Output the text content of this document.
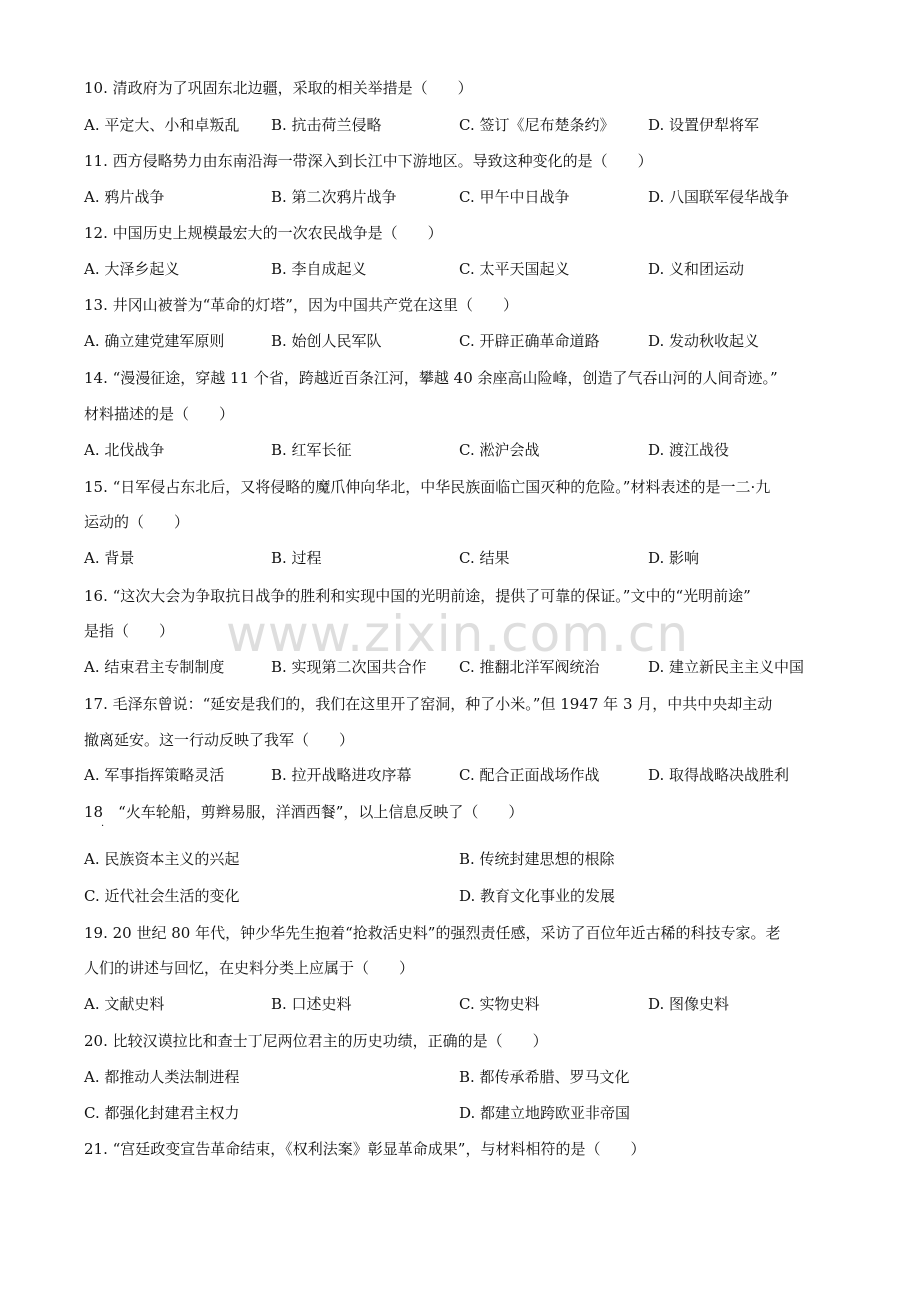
www.zixin.com.cn
10. 清政府为了巩固东北边疆，采取的相关举措是（　　）
A. 平定大、小和卓叛乱 B. 抗击荷兰侵略	C. 签订《尼布楚条约》 D. 设置伊犁将军
11. 西方侵略势力由东南沿海一带深入到长江中下游地区。导致这种变化的是（　　）
A. 鸦片战争	B. 第二次鸦片战争	C. 甲午中日战争	D. 八国联军侵华战争
12. 中国历史上规模最宏大的一次农民战争是（　　）
A. 大泽乡起义	B. 李自成起义	C. 太平天国起义	D. 义和团运动
13. 井冈山被誉为“革命的灯塔”，因为中国共产党在这里（　　）
A. 确立建党建军原则	B. 始创人民军队	C. 开辟正确革命道路	D. 发动秋收起义
14. “漫漫征途，穿越 11 个省，跨越近百条江河，攀越 40 余座高山险峰，创造了气吞山河的人间奇迹。”
材料描述的是（　　）
A. 北伐战争	B. 红军长征	C. 淞沪会战	D. 渡江战役
15. “日军侵占东北后，又将侵略的魔爪伸向华北，中华民族面临亡国灭种的危险。”材料表述的是一二·九
运动的（　　）
A. 背景	B. 过程	C. 结果	D. 影响
16. “这次大会为争取抗日战争的胜利和实现中国的光明前途，提供了可靠的保证。”文中的“光明前途”
是指（　　）
A. 结束君主专制制度	B. 实现第二次国共合作 C. 推翻北洋军阀统治	D. 建立新民主主义中国
17. 毛泽东曾说：“延安是我们的，我们在这里开了窑洞，种了小米。”但 1947 年 3 月，中共中央却主动
撤离延安。这一行动反映了我军（　　）
A. 军事指挥策略灵活	B. 拉开战略进攻序幕	C. 配合正面战场作战	D. 取得战略决战胜利
18　“火车轮船，剪辫易服，洋酒西餐”，以上信息反映了（　　）
·
A. 民族资本主义的兴起	B. 传统封建思想的根除
C. 近代社会生活的变化	D. 教育文化事业的发展
19. 20 世纪 80 年代，钟少华先生抱着“抢救活史料”的强烈责任感，采访了百位年近古稀的科技专家。老
人们的讲述与回忆，在史料分类上应属于（　　）
A. 文献史料	B. 口述史料	C. 实物史料	D. 图像史料
20. 比较汉谟拉比和查士丁尼两位君主的历史功绩，正确的是（　　）
A. 都推动人类法制进程	B. 都传承希腊、罗马文化
C. 都强化封建君主权力	D. 都建立地跨欧亚非帝国
21. “宫廷政变宣告革命结束，《权利法案》彰显革命成果”，与材料相符的是（　　）
